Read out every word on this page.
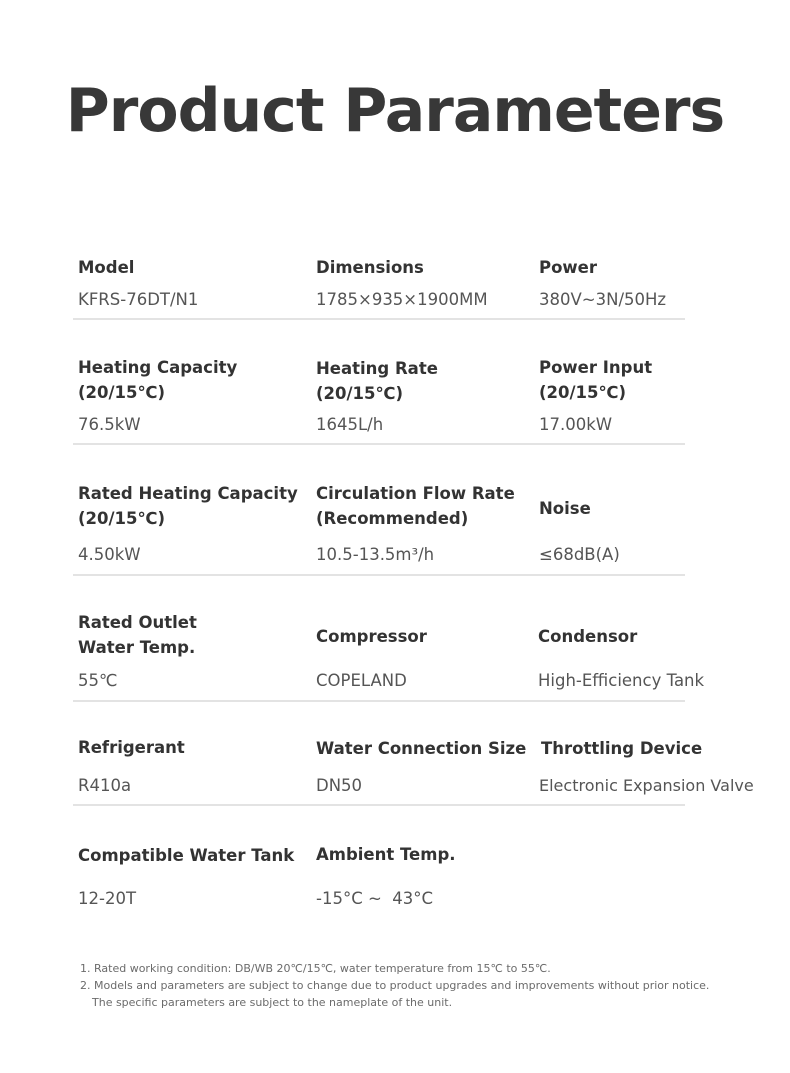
Product Parameters
Model
KFRS-76DT/N1
Dimensions
1785×935×1900MM
Power
380V~3N/50Hz
Heating Capacity
(20/15℃)
76.5kW
Heating Rate
(20/15℃)
1645L/h
Power Input
(20/15℃)
17.00kW
Rated Heating Capacity
(20/15℃)
4.50kW
Circulation Flow Rate
(Recommended)
10.5-13.5m³/h
Noise
≤68dB(A)
Rated Outlet
Water Temp.
55℃
Compressor
COPELAND
Condensor
High-Efficiency Tank
Refrigerant
R410a
Water Connection Size
DN50
Throttling Device
Electronic Expansion Valve
Compatible Water Tank
12-20T
Ambient Temp.
-15°C ~  43°C
1. Rated working condition: DB/WB 20℃/15℃, water temperature from 15℃ to 55℃.
2. Models and parameters are subject to change due to product upgrades and improvements without prior notice.
The specific parameters are subject to the nameplate of the unit.
